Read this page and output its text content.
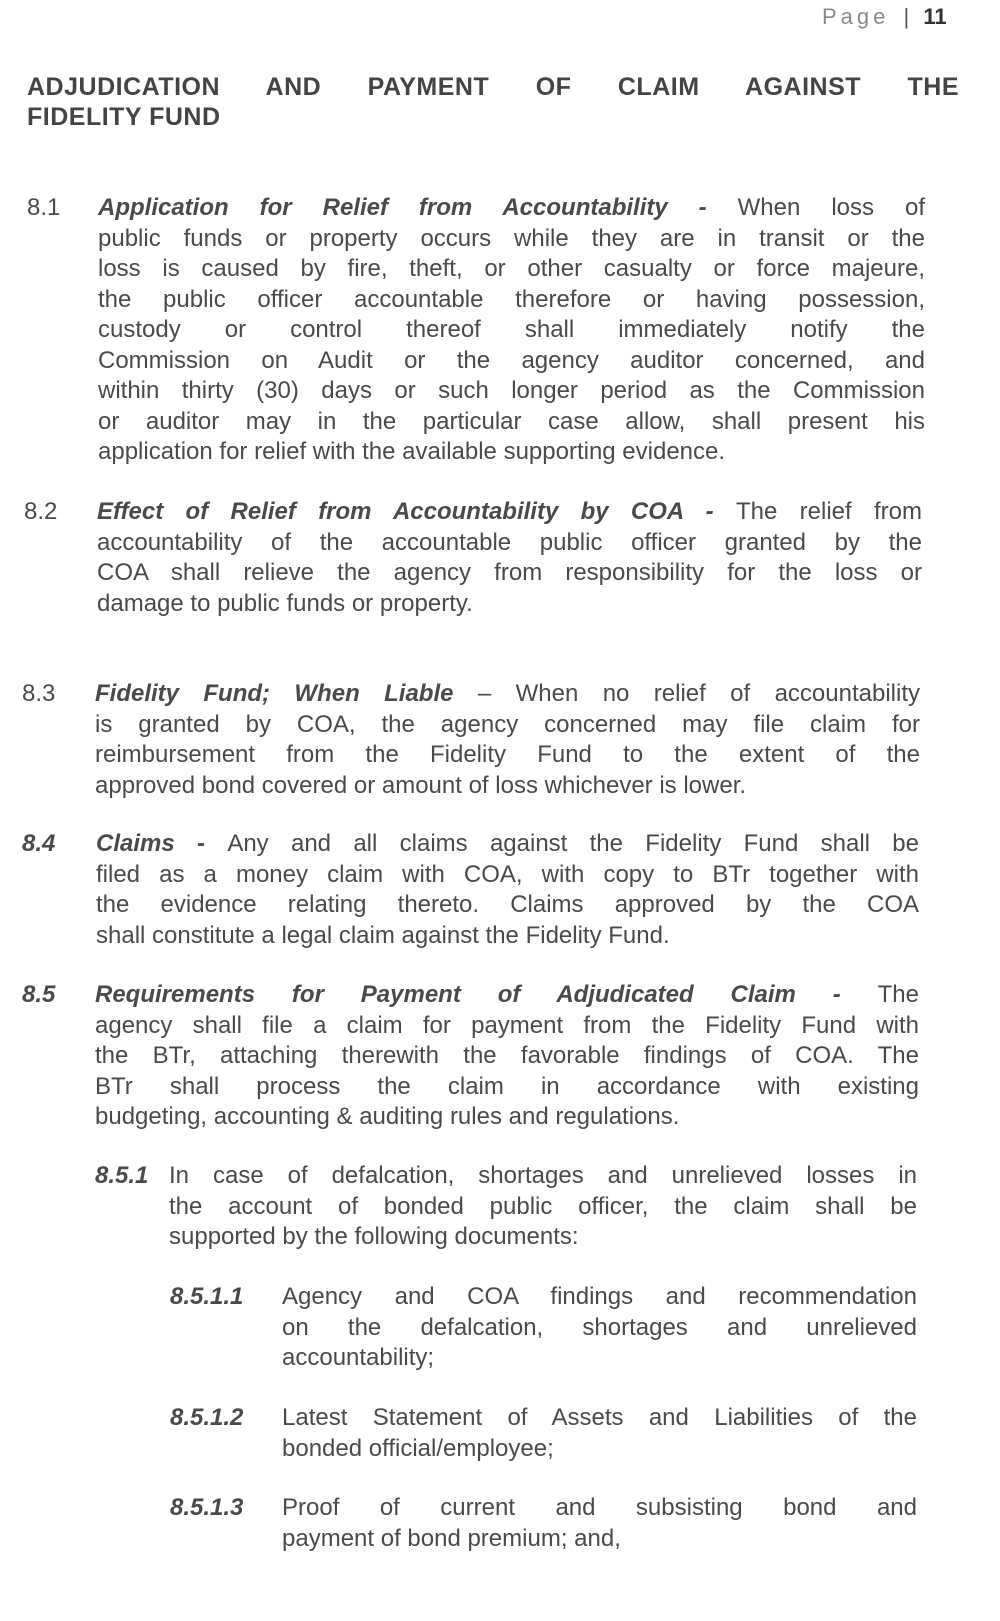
Page | 11
ADJUDICATION AND PAYMENT OF CLAIM AGAINST THE
FIDELITY FUND
8.1 Application for Relief from Accountability - When loss of
public funds or property occurs while they are in transit or the
loss is caused by fire, theft, or other casualty or force majeure,
the public officer accountable therefore or having possession,
custody or control thereof shall immediately notify the
Commission on Audit or the agency auditor concerned, and
within thirty (30) days or such longer period as the Commission
or auditor may in the particular case allow, shall present his
application for relief with the available supporting evidence.
8.2 Effect of Relief from Accountability by COA - The relief from
accountability of the accountable public officer granted by the
COA shall relieve the agency from responsibility for the loss or
damage to public funds or property.
8.3 Fidelity Fund; When Liable – When no relief of accountability
is granted by COA, the agency concerned may file claim for
reimbursement from the Fidelity Fund to the extent of the
approved bond covered or amount of loss whichever is lower.
8.4 Claims - Any and all claims against the Fidelity Fund shall be
filed as a money claim with COA, with copy to BTr together with
the evidence relating thereto. Claims approved by the COA
shall constitute a legal claim against the Fidelity Fund.
8.5 Requirements for Payment of Adjudicated Claim - The
agency shall file a claim for payment from the Fidelity Fund with
the BTr, attaching therewith the favorable findings of COA. The
BTr shall process the claim in accordance with existing
budgeting, accounting & auditing rules and regulations.
8.5.1 In case of defalcation, shortages and unrelieved losses in
the account of bonded public officer, the claim shall be
supported by the following documents:
8.5.1.1 Agency and COA findings and recommendation
on the defalcation, shortages and unrelieved
accountability;
8.5.1.2 Latest Statement of Assets and Liabilities of the
bonded official/employee;
8.5.1.3 Proof of current and subsisting bond and
payment of bond premium; and,
